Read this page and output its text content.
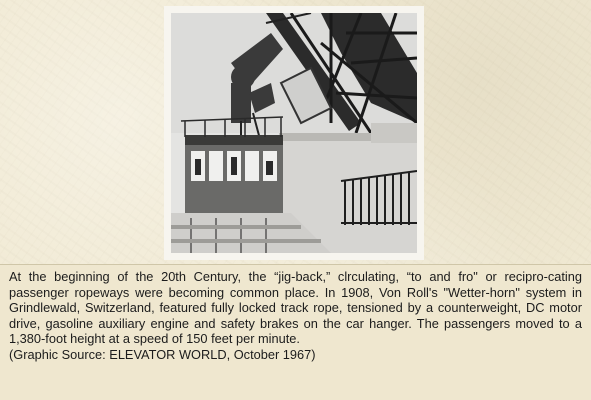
At the beginning of the 20th Century, the “jig-back,” clrculating, “to and fro" or recipro-cating passenger ropeways were becoming common place. In 1908, Von Roll's "Wetter-horn" system in Grindlewald, Switzerland, featured fully locked track rope, tensioned by a counterweight, DC motor drive, gasoline auxiliary engine and safety brakes on the car hanger. The passengers moved to a 1,380-foot height at a speed of 150 feet per minute.

(Graphic Source: ELEVATOR WORLD, October 1967)
